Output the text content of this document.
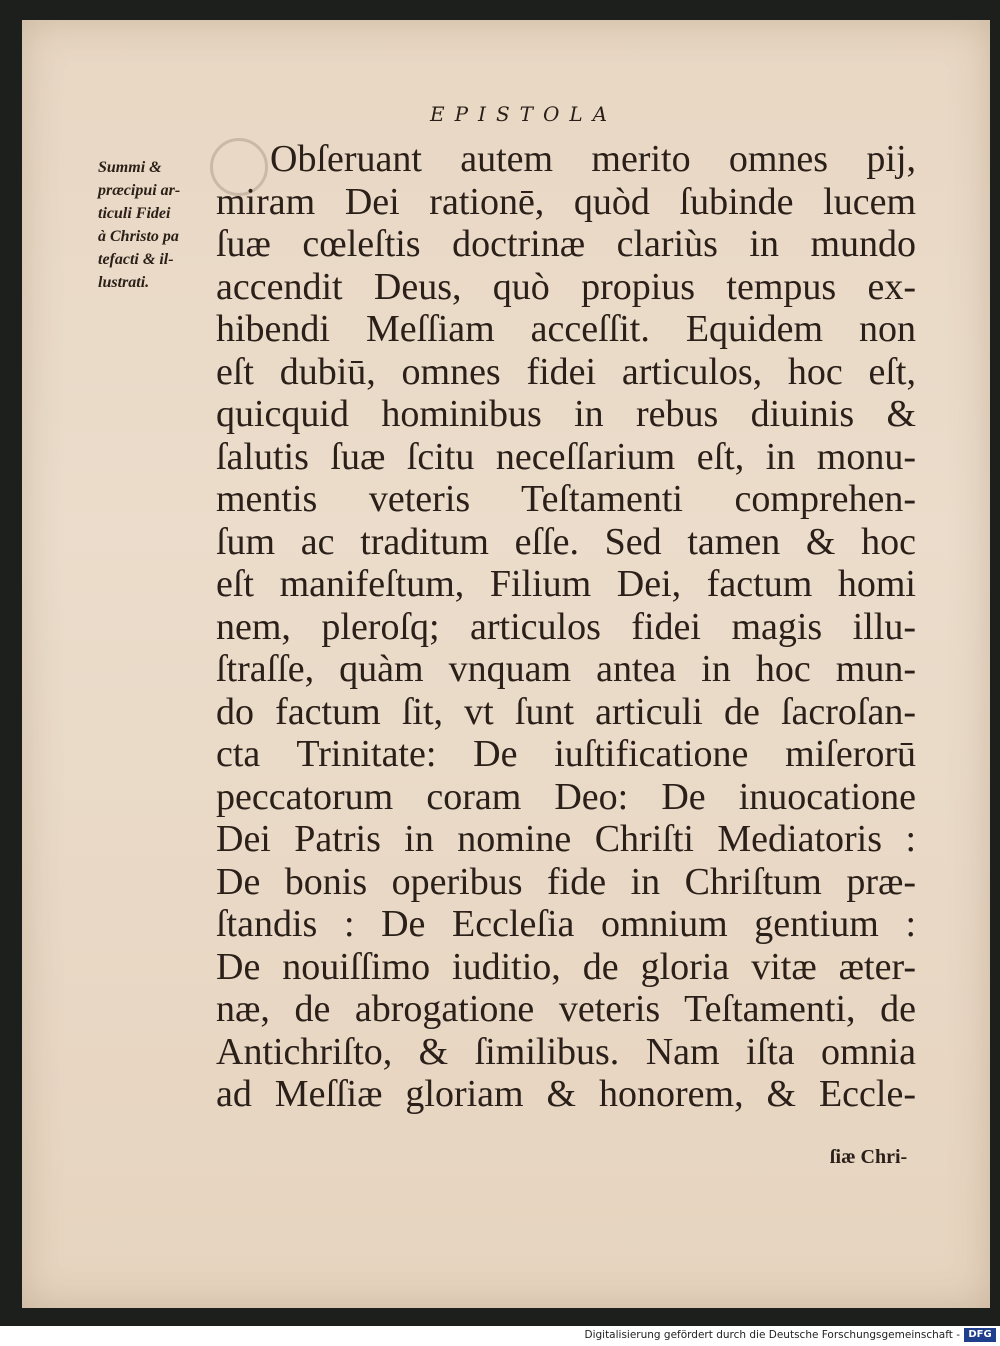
EPISTOLA
Summi &
præcipui ar-
ticuli Fidei
à Christo pa
tefacti & il-
lustrati.
Obſeruant autem merito omnes pij,
miram Dei rationē, quòd ſubinde lucem
ſuæ cœleſtis doctrinæ clariùs in mundo
accendit Deus, quò propius tempus ex-
hibendi Meſſiam acceſſit. Equidem non
eſt dubiū, omnes fidei articulos, hoc eſt,
quicquid hominibus in rebus diuinis &
ſalutis ſuæ ſcitu neceſſarium eſt, in monu-
mentis veteris Teſtamenti comprehen-
ſum ac traditum eſſe. Sed tamen & hoc
eſt manifeſtum, Filium Dei, factum homi
nem, pleroſq; articulos fidei magis illu-
ſtraſſe, quàm vnquam antea in hoc mun-
do factum ſit, vt ſunt articuli de ſacroſan-
cta Trinitate: De iuſtificatione miſerorū
peccatorum coram Deo: De inuocatione
Dei Patris in nomine Chriſti Mediatoris :
De bonis operibus fide in Chriſtum præ-
ſtandis : De Eccleſia omnium gentium :
De nouiſſimo iuditio, de gloria vitæ æter-
næ, de abrogatione veteris Teſtamenti, de
Antichriſto, & ſimilibus. Nam iſta omnia
ad Meſſiæ gloriam & honorem, & Eccle-
ſiæ Chri-
Digitalisierung gefördert durch die Deutsche Forschungsgemeinschaft - DFG
